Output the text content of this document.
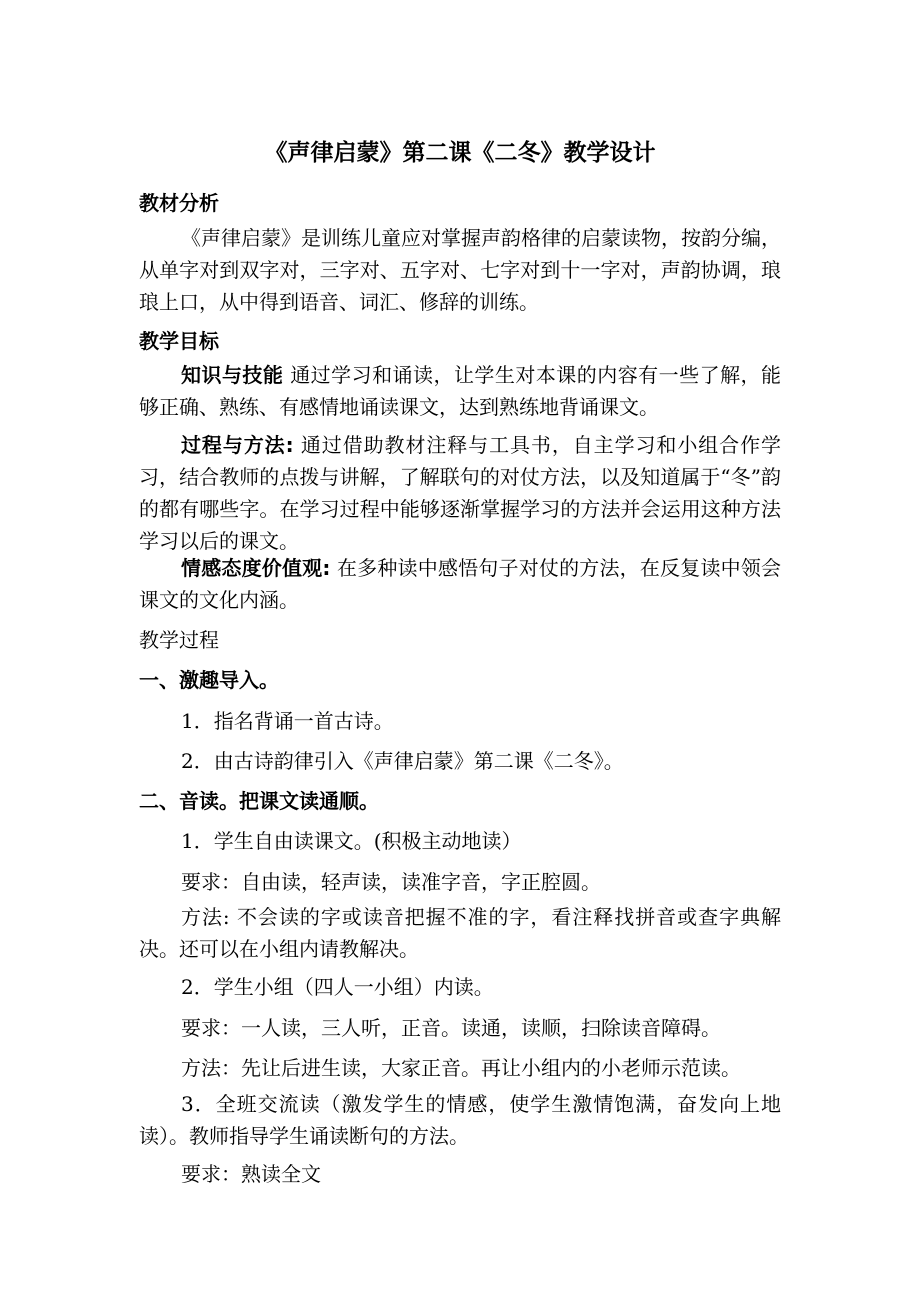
《声律启蒙》第二课《二冬》教学设计
教材分析
《声律启蒙》是训练儿童应对掌握声韵格律的启蒙读物，按韵分编，从单字对到双字对，三字对、五字对、七字对到十一字对，声韵协调，琅琅上口，从中得到语音、词汇、修辞的训练。
教学目标
知识与技能 通过学习和诵读，让学生对本课的内容有一些了解，能够正确、熟练、有感情地诵读课文，达到熟练地背诵课文。
过程与方法: 通过借助教材注释与工具书，自主学习和小组合作学习，结合教师的点拨与讲解，了解联句的对仗方法，以及知道属于“冬”韵的都有哪些字。在学习过程中能够逐渐掌握学习的方法并会运用这种方法学习以后的课文。
情感态度价值观: 在多种读中感悟句子对仗的方法，在反复读中领会课文的文化内涵。
教学过程
一、激趣导入。
1．指名背诵一首古诗。
2．由古诗韵律引入《声律启蒙》第二课《二冬》。
二、音读。把课文读通顺。
1．学生自由读课文。(积极主动地读）
要求：自由读，轻声读，读准字音，字正腔圆。
方法: 不会读的字或读音把握不准的字，看注释找拼音或查字典解决。还可以在小组内请教解决。
2．学生小组（四人一小组）内读。
要求：一人读，三人听，正音。读通，读顺，扫除读音障碍。
方法：先让后进生读，大家正音。再让小组内的小老师示范读。
3．全班交流读（激发学生的情感，使学生激情饱满，奋发向上地读）。教师指导学生诵读断句的方法。
要求：熟读全文
